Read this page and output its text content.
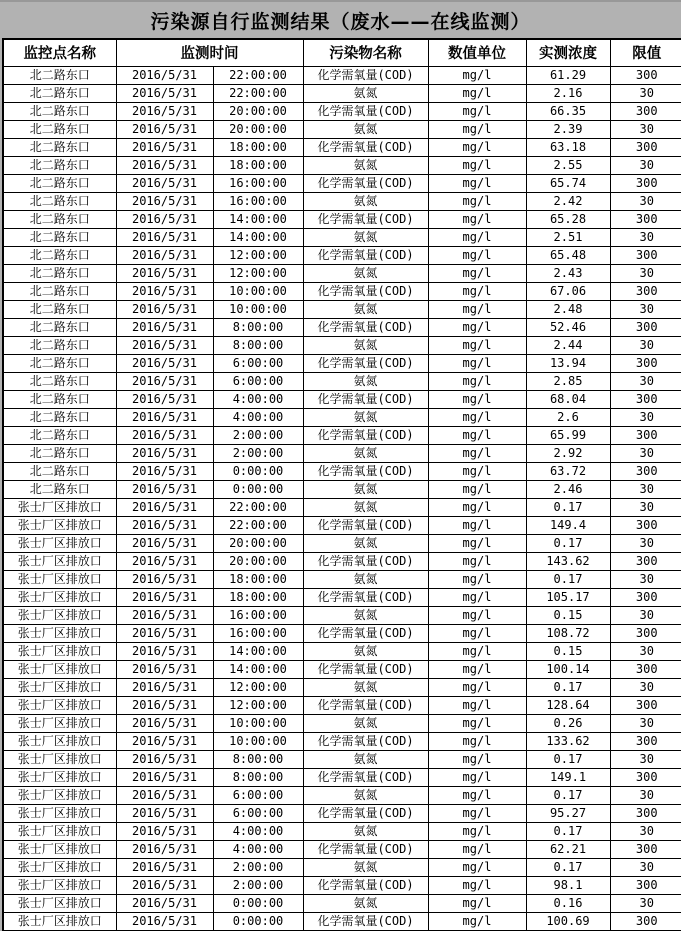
污染源自行监测结果（废水——在线监测）
监控点名称	监测时间		污染物名称	数值单位	实测浓度	限值
北二路东口	2016/5/31	22:00:00	化学需氧量(COD)	mg/l	61.29	300
北二路东口	2016/5/31	22:00:00	氨氮	mg/l	2.16	30
北二路东口	2016/5/31	20:00:00	化学需氧量(COD)	mg/l	66.35	300
北二路东口	2016/5/31	20:00:00	氨氮	mg/l	2.39	30
北二路东口	2016/5/31	18:00:00	化学需氧量(COD)	mg/l	63.18	300
北二路东口	2016/5/31	18:00:00	氨氮	mg/l	2.55	30
北二路东口	2016/5/31	16:00:00	化学需氧量(COD)	mg/l	65.74	300
北二路东口	2016/5/31	16:00:00	氨氮	mg/l	2.42	30
北二路东口	2016/5/31	14:00:00	化学需氧量(COD)	mg/l	65.28	300
北二路东口	2016/5/31	14:00:00	氨氮	mg/l	2.51	30
北二路东口	2016/5/31	12:00:00	化学需氧量(COD)	mg/l	65.48	300
北二路东口	2016/5/31	12:00:00	氨氮	mg/l	2.43	30
北二路东口	2016/5/31	10:00:00	化学需氧量(COD)	mg/l	67.06	300
北二路东口	2016/5/31	10:00:00	氨氮	mg/l	2.48	30
北二路东口	2016/5/31	8:00:00	化学需氧量(COD)	mg/l	52.46	300
北二路东口	2016/5/31	8:00:00	氨氮	mg/l	2.44	30
北二路东口	2016/5/31	6:00:00	化学需氧量(COD)	mg/l	13.94	300
北二路东口	2016/5/31	6:00:00	氨氮	mg/l	2.85	30
北二路东口	2016/5/31	4:00:00	化学需氧量(COD)	mg/l	68.04	300
北二路东口	2016/5/31	4:00:00	氨氮	mg/l	2.6	30
北二路东口	2016/5/31	2:00:00	化学需氧量(COD)	mg/l	65.99	300
北二路东口	2016/5/31	2:00:00	氨氮	mg/l	2.92	30
北二路东口	2016/5/31	0:00:00	化学需氧量(COD)	mg/l	63.72	300
北二路东口	2016/5/31	0:00:00	氨氮	mg/l	2.46	30
张士厂区排放口	2016/5/31	22:00:00	氨氮	mg/l	0.17	30
张士厂区排放口	2016/5/31	22:00:00	化学需氧量(COD)	mg/l	149.4	300
张士厂区排放口	2016/5/31	20:00:00	氨氮	mg/l	0.17	30
张士厂区排放口	2016/5/31	20:00:00	化学需氧量(COD)	mg/l	143.62	300
张士厂区排放口	2016/5/31	18:00:00	氨氮	mg/l	0.17	30
张士厂区排放口	2016/5/31	18:00:00	化学需氧量(COD)	mg/l	105.17	300
张士厂区排放口	2016/5/31	16:00:00	氨氮	mg/l	0.15	30
张士厂区排放口	2016/5/31	16:00:00	化学需氧量(COD)	mg/l	108.72	300
张士厂区排放口	2016/5/31	14:00:00	氨氮	mg/l	0.15	30
张士厂区排放口	2016/5/31	14:00:00	化学需氧量(COD)	mg/l	100.14	300
张士厂区排放口	2016/5/31	12:00:00	氨氮	mg/l	0.17	30
张士厂区排放口	2016/5/31	12:00:00	化学需氧量(COD)	mg/l	128.64	300
张士厂区排放口	2016/5/31	10:00:00	氨氮	mg/l	0.26	30
张士厂区排放口	2016/5/31	10:00:00	化学需氧量(COD)	mg/l	133.62	300
张士厂区排放口	2016/5/31	8:00:00	氨氮	mg/l	0.17	30
张士厂区排放口	2016/5/31	8:00:00	化学需氧量(COD)	mg/l	149.1	300
张士厂区排放口	2016/5/31	6:00:00	氨氮	mg/l	0.17	30
张士厂区排放口	2016/5/31	6:00:00	化学需氧量(COD)	mg/l	95.27	300
张士厂区排放口	2016/5/31	4:00:00	氨氮	mg/l	0.17	30
张士厂区排放口	2016/5/31	4:00:00	化学需氧量(COD)	mg/l	62.21	300
张士厂区排放口	2016/5/31	2:00:00	氨氮	mg/l	0.17	30
张士厂区排放口	2016/5/31	2:00:00	化学需氧量(COD)	mg/l	98.1	300
张士厂区排放口	2016/5/31	0:00:00	氨氮	mg/l	0.16	30
张士厂区排放口	2016/5/31	0:00:00	化学需氧量(COD)	mg/l	100.69	300
